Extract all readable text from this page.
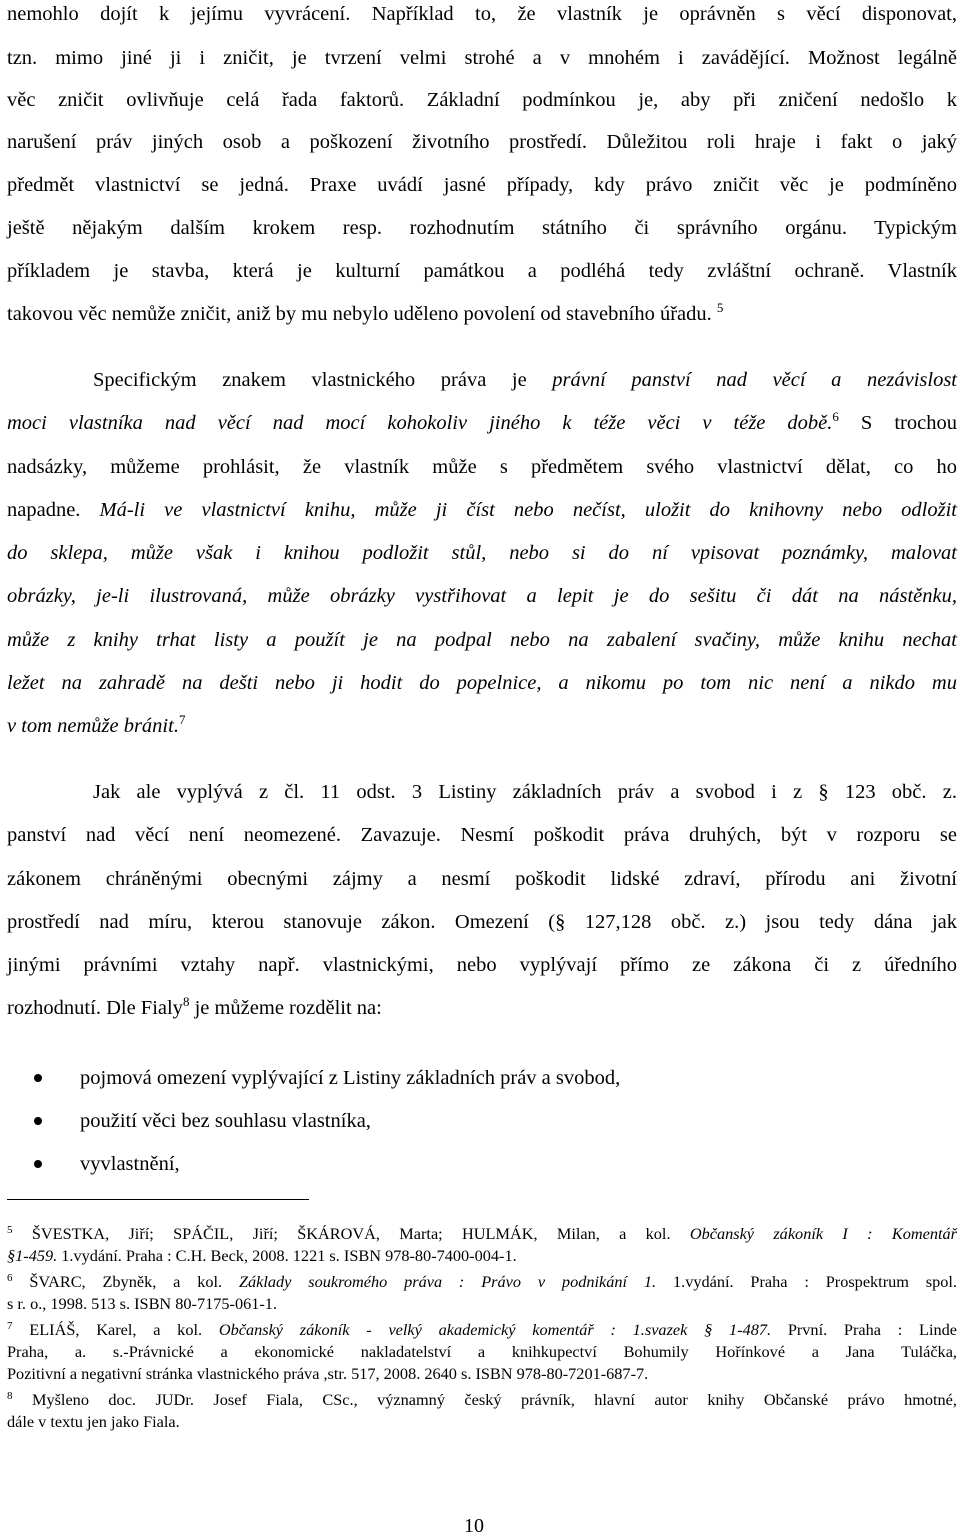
nemohlo dojít k jejímu vyvrácení. Například to, že vlastník je oprávněn s věcí disponovat,
tzn. mimo jiné ji i zničit, je tvrzení velmi strohé a v mnohém i zavádějící. Možnost legálně
věc zničit ovlivňuje celá řada faktorů. Základní podmínkou je, aby při zničení nedošlo k
narušení práv jiných osob a poškození životního prostředí. Důležitou roli hraje i fakt o jaký
předmět vlastnictví se jedná. Praxe uvádí jasné případy, kdy právo zničit věc je podmíněno
ještě nějakým dalším krokem resp. rozhodnutím státního či správního orgánu. Typickým
příkladem je stavba, která je kulturní památkou a podléhá tedy zvláštní ochraně. Vlastník
takovou věc nemůže zničit, aniž by mu nebylo uděleno povolení od stavebního úřadu. $^5$
Specifickým znakem vlastnického práva je právní panství nad věcí a nezávislost
moci vlastníka nad věcí nad mocí kohokoliv jiného k téže věci v téže době.$^6$ S trochou
nadsázky, můžeme prohlásit, že vlastník může s předmětem svého vlastnictví dělat, co ho
napadne. Má-li ve vlastnictví knihu, může ji číst nebo nečíst, uložit do knihovny nebo odložit
do sklepa, může však i knihou podložit stůl, nebo si do ní vpisovat poznámky, malovat
obrázky, je-li ilustrovaná, může obrázky vystřihovat a lepit je do sešitu či dát na nástěnku,
může z knihy trhat listy a použít je na podpal nebo na zabalení svačiny, může knihu nechat
ležet na zahradě na dešti nebo ji hodit do popelnice, a nikomu po tom nic není a nikdo mu
v tom nemůže bránit.$^7$
Jak ale vyplývá z čl. 11 odst. 3 Listiny základních práv a svobod i z § 123 obč. z.
panství nad věcí není neomezené. Zavazuje. Nesmí poškodit práva druhých, být v rozporu se
zákonem chráněnými obecnými zájmy a nesmí poškodit lidské zdraví, přírodu ani životní
prostředí nad míru, kterou stanovuje zákon. Omezení (§ 127,128 obč. z.) jsou tedy dána jak
jinými právními vztahy např. vlastnickými, nebo vyplývají přímo ze zákona či z úředního
rozhodnutí. Dle Fialy$^8$ je můžeme rozdělit na:
pojmová omezení vyplývající z Listiny základních práv a svobod,
použití věci bez souhlasu vlastníka,
vyvlastnění,
$^5$ ŠVESTKA, Jiří; SPÁČIL, Jiří; ŠKÁROVÁ, Marta; HULMÁK, Milan, a kol. Občanský zákoník I : Komentář
§1-459. 1.vydání. Praha : C.H. Beck, 2008. 1221 s. ISBN 978-80-7400-004-1.
$^6$ ŠVARC, Zbyněk, a kol. Základy soukromého práva : Právo v podnikání 1. 1.vydání. Praha : Prospektrum spol.
s r. o., 1998. 513 s. ISBN 80-7175-061-1.
$^7$ ELIÁŠ, Karel, a kol. Občanský zákoník - velký akademický komentář : 1.svazek § 1-487. První. Praha : Linde
Praha, a. s.-Právnické a ekonomické nakladatelství a knihkupectví Bohumily Hořínkové a Jana Tuláčka,
Pozitivní a negativní stránka vlastnického práva ,str. 517, 2008. 2640 s. ISBN 978-80-7201-687-7.
$^8$ Myšleno doc. JUDr. Josef Fiala, CSc., významný český právník, hlavní autor knihy Občanské právo hmotné,
dále v textu jen jako Fiala.
10
